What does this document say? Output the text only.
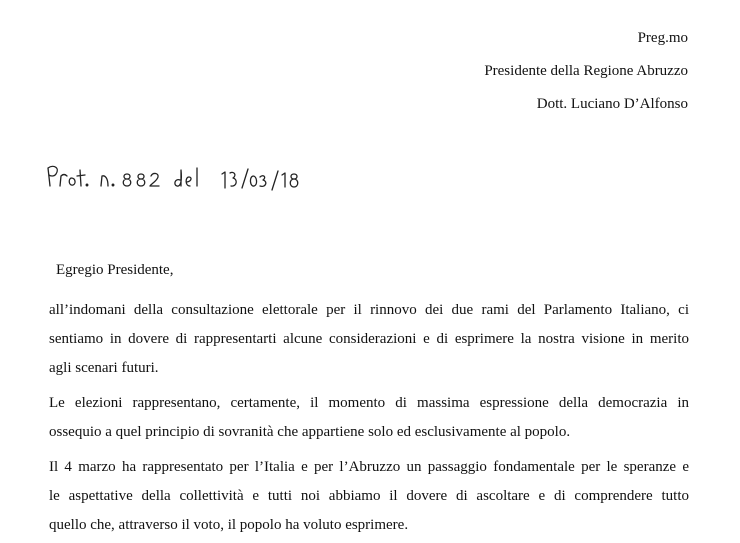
Preg.mo
Presidente della Regione Abruzzo
Dott. Luciano D’Alfonso
Egregio Presidente,
all’indomani della consultazione elettorale per il rinnovo dei due rami del Parlamento Italiano, ci
sentiamo in dovere di rappresentarti alcune considerazioni e di esprimere la nostra visione in merito
agli scenari futuri.
Le elezioni rappresentano, certamente, il momento di massima espressione della democrazia in
ossequio a quel principio di sovranità che appartiene solo ed esclusivamente al popolo.
Il 4 marzo ha rappresentato per l’Italia e per l’Abruzzo un passaggio fondamentale per le speranze e
le aspettative della collettività e tutti noi abbiamo il dovere di ascoltare e di comprendere tutto
quello che, attraverso il voto, il popolo ha voluto esprimere.
